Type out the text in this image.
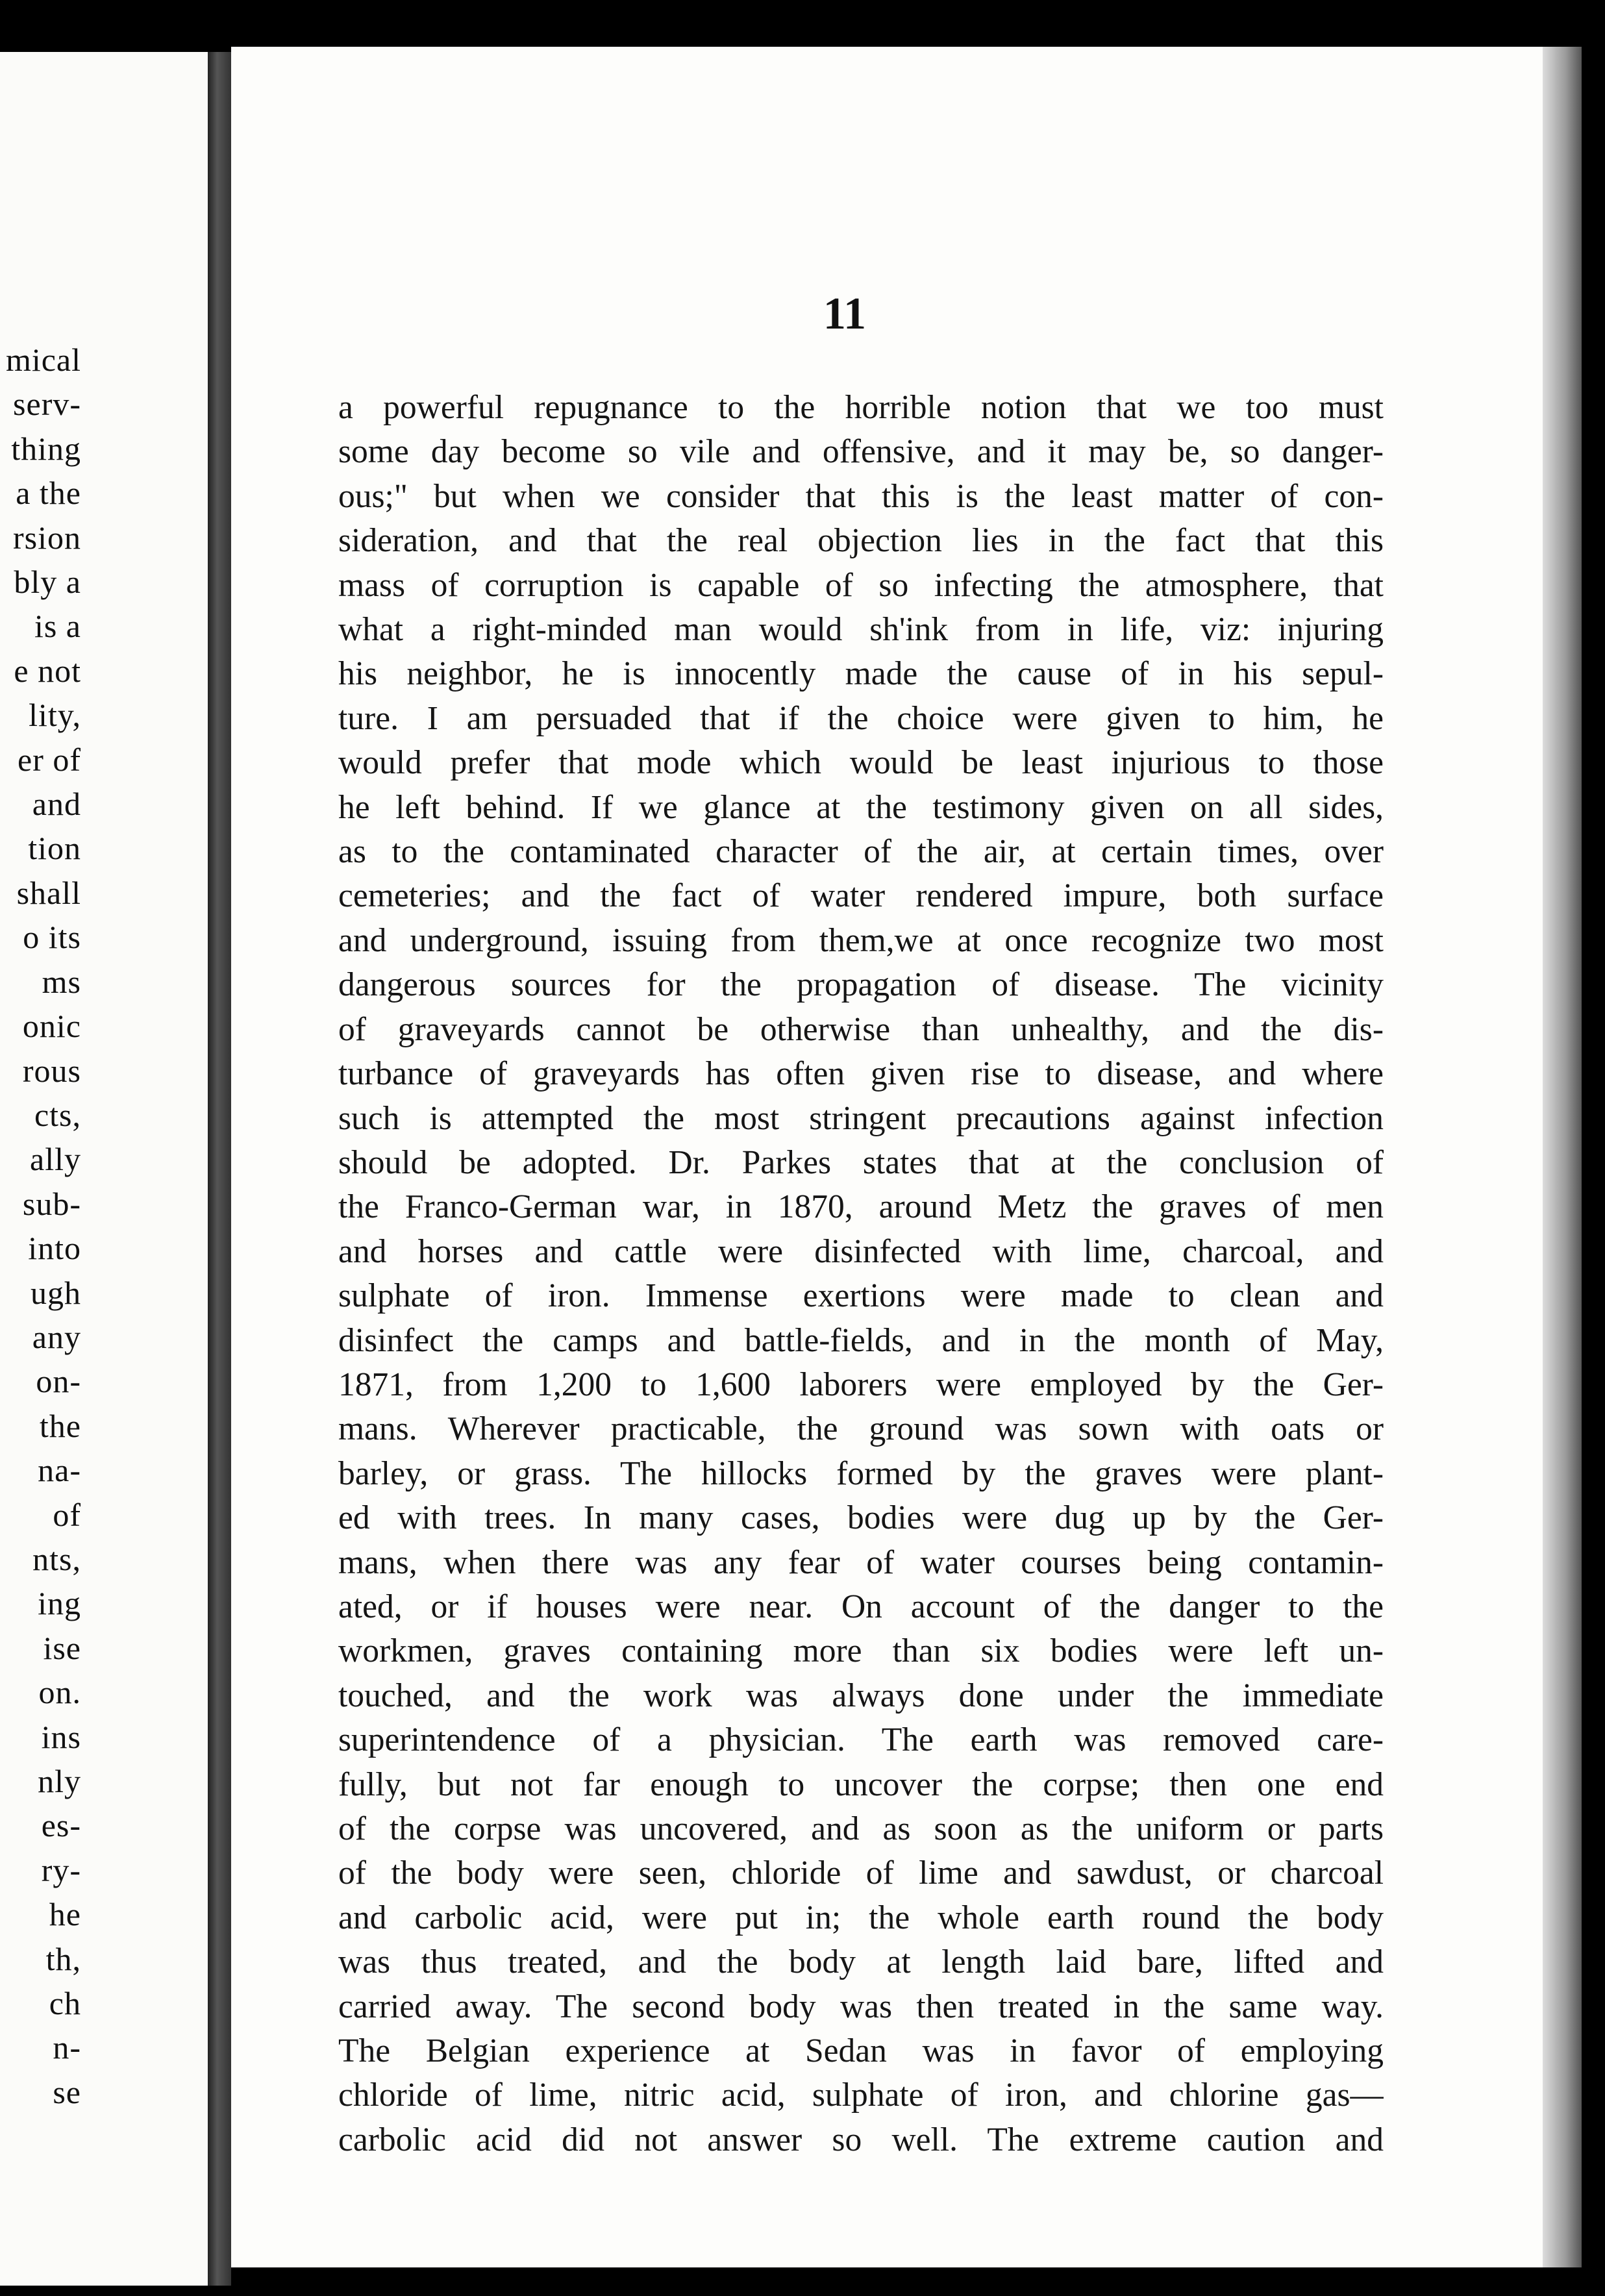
mical
serv-
thing
a the
rsion
bly a
is a
e not
lity,
er of
and
tion
shall
o its
ms
onic
rous
cts,
ally
sub-
into
ugh
any
on-
the
na-
of
nts,
ing
ise
on.
ins
nly
es-
ry-
he
th,
ch
n-
se
11
a powerful repugnance to the horrible notion that we too must
some day become so vile and offensive, and it may be, so danger-
ous;" but when we consider that this is the least matter of con-
sideration, and that the real objection lies in the fact that this
mass of corruption is capable of so infecting the atmosphere, that
what a right-minded man would sh'ink from in life, viz: injuring
his neighbor, he is innocently made the cause of in his sepul-
ture. I am persuaded that if the choice were given to him, he
would prefer that mode which would be least injurious to those
he left behind. If we glance at the testimony given on all sides,
as to the contaminated character of the air, at certain times, over
cemeteries; and the fact of water rendered impure, both surface
and underground, issuing from them,we at once recognize two most
dangerous sources for the propagation of disease. The vicinity
of graveyards cannot be otherwise than unhealthy, and the dis-
turbance of graveyards has often given rise to disease, and where
such is attempted the most stringent precautions against infection
should be adopted. Dr. Parkes states that at the conclusion of
the Franco-German war, in 1870, around Metz the graves of men
and horses and cattle were disinfected with lime, charcoal, and
sulphate of iron. Immense exertions were made to clean and
disinfect the camps and battle-fields, and in the month of May,
1871, from 1,200 to 1,600 laborers were employed by the Ger-
mans. Wherever practicable, the ground was sown with oats or
barley, or grass. The hillocks formed by the graves were plant-
ed with trees. In many cases, bodies were dug up by the Ger-
mans, when there was any fear of water courses being contamin-
ated, or if houses were near. On account of the danger to the
workmen, graves containing more than six bodies were left un-
touched, and the work was always done under the immediate
superintendence of a physician. The earth was removed care-
fully, but not far enough to uncover the corpse; then one end
of the corpse was uncovered, and as soon as the uniform or parts
of the body were seen, chloride of lime and sawdust, or charcoal
and carbolic acid, were put in; the whole earth round the body
was thus treated, and the body at length laid bare, lifted and
carried away. The second body was then treated in the same way.
The Belgian experience at Sedan was in favor of employing
chloride of lime, nitric acid, sulphate of iron, and chlorine gas—
carbolic acid did not answer so well. The extreme caution and
